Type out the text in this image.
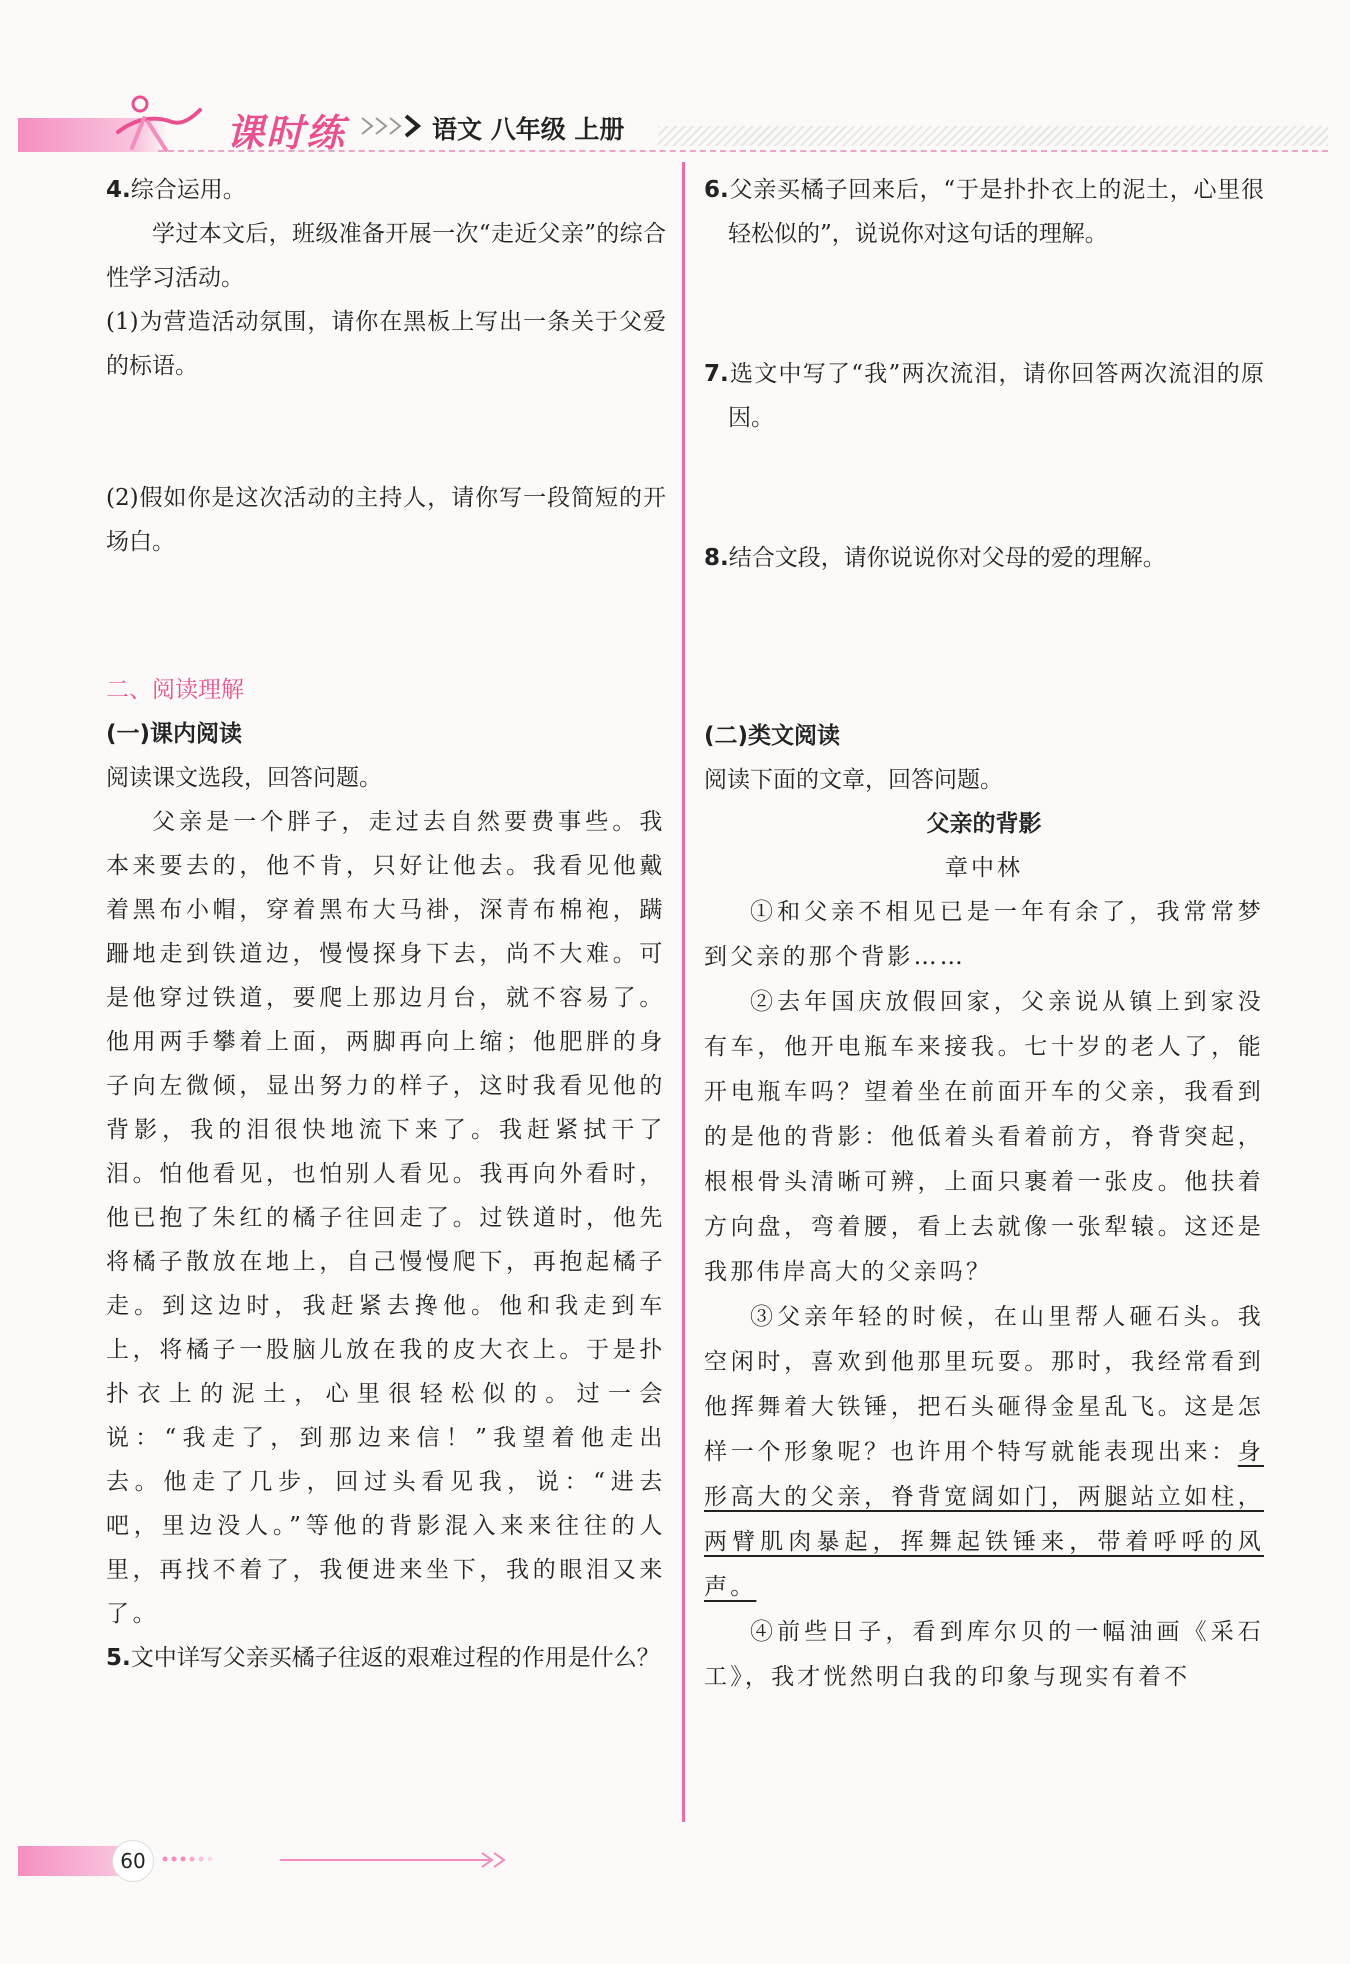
课时练	语文 八年级 上册

4.综合运用。

学过本文后，班级准备开展一次“走近父亲”的综合性学习活动。

(1)为营造活动氛围，请你在黑板上写出一条关于父爱的标语。

(2)假如你是这次活动的主持人，请你写一段简短的开场白。

二、阅读理解

(一)课内阅读

阅读课文选段，回答问题。

父亲是一个胖子，走过去自然要费事些。我本来要去的，他不肯，只好让他去。我看见他戴着黑布小帽，穿着黑布大马褂，深青布棉袍，蹒跚地走到铁道边，慢慢探身下去，尚不大难。可是他穿过铁道，要爬上那边月台，就不容易了。他用两手攀着上面，两脚再向上缩；他肥胖的身子向左微倾，显出努力的样子，这时我看见他的背影，我的泪很快地流下来了。我赶紧拭干了泪。怕他看见，也怕别人看见。我再向外看时，他已抱了朱红的橘子往回走了。过铁道时，他先将橘子散放在地上，自己慢慢爬下，再抱起橘子走。到这边时，我赶紧去搀他。他和我走到车上，将橘子一股脑儿放在我的皮大衣上。于是扑扑衣上的泥土，心里很轻松似的。过一会说：“我走了，到那边来信！”我望着他走出去。他走了几步，回过头看见我，说：“进去吧，里边没人。”等他的背影混入来来往往的人里，再找不着了，我便进来坐下，我的眼泪又来了。

5.文中详写父亲买橘子往返的艰难过程的作用是什么？

6.父亲买橘子回来后，“于是扑扑衣上的泥土，心里很轻松似的”，说说你对这句话的理解。

7.选文中写了“我”两次流泪，请你回答两次流泪的原因。

8.结合文段，请你说说你对父母的爱的理解。

(二)类文阅读

阅读下面的文章，回答问题。

父亲的背影

章中林

①和父亲不相见已是一年有余了，我常常梦到父亲的那个背影……

②去年国庆放假回家，父亲说从镇上到家没有车，他开电瓶车来接我。七十岁的老人了，能开电瓶车吗？望着坐在前面开车的父亲，我看到的是他的背影：他低着头看着前方，脊背突起，根根骨头清晰可辨，上面只裹着一张皮。他扶着方向盘，弯着腰，看上去就像一张犁辕。这还是我那伟岸高大的父亲吗？

③父亲年轻的时候，在山里帮人砸石头。我空闲时，喜欢到他那里玩耍。那时，我经常看到他挥舞着大铁锤，把石头砸得金星乱飞。这是怎样一个形象呢？也许用个特写就能表现出来：身形高大的父亲，脊背宽阔如门，两腿站立如柱，两臂肌肉暴起，挥舞起铁锤来，带着呼呼的风声。

④前些日子，看到库尔贝的一幅油画《采石工》，我才恍然明白我的印象与现实有着不

60
